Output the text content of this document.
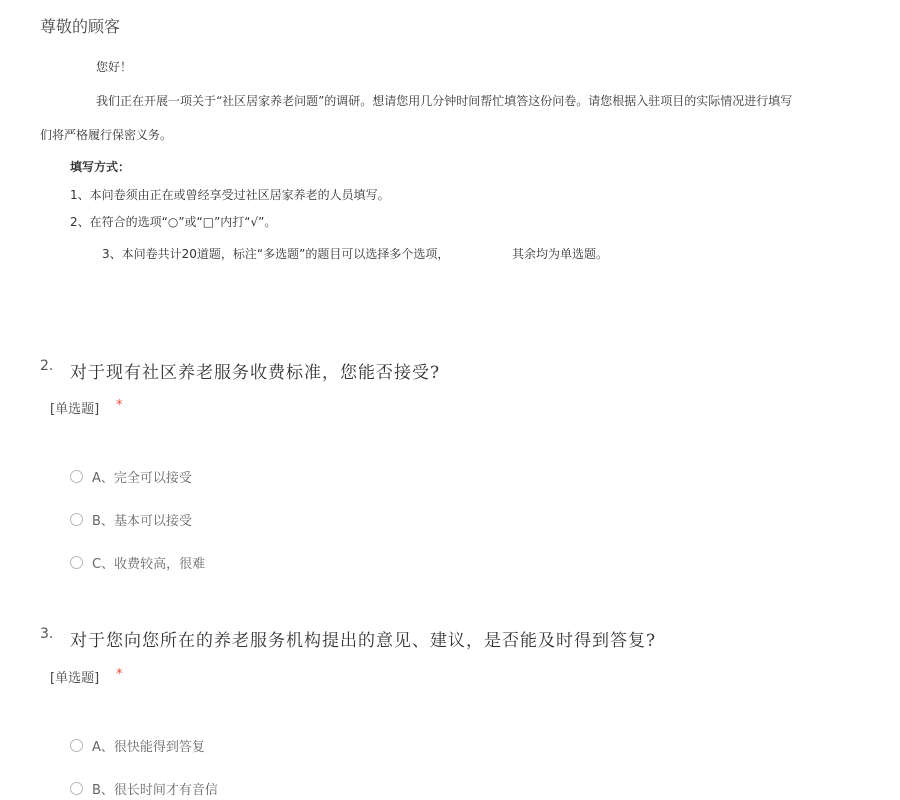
尊敬的顾客
您好！
我们正在开展一项关于“社区居家养老问题”的调研。想请您用几分钟时间帮忙填答这份问卷。请您根据入驻项目的实际情况进行填写
们将严格履行保密义务。
填写方式：
1、本问卷须由正在或曾经享受过社区居家养老的人员填写。
2、在符合的选项“○”或“□”内打“√”。
3、本问卷共计20道题，标注“多选题”的题目可以选择多个选项，	其余均为单选题。
2. 对于现有社区养老服务收费标准，您能否接受?
[单选题] *
A、完全可以接受
B、基本可以接受
C、收费较高，很难
3. 对于您向您所在的养老服务机构提出的意见、建议，是否能及时得到答复?
[单选题] *
A、很快能得到答复
B、很长时间才有音信
